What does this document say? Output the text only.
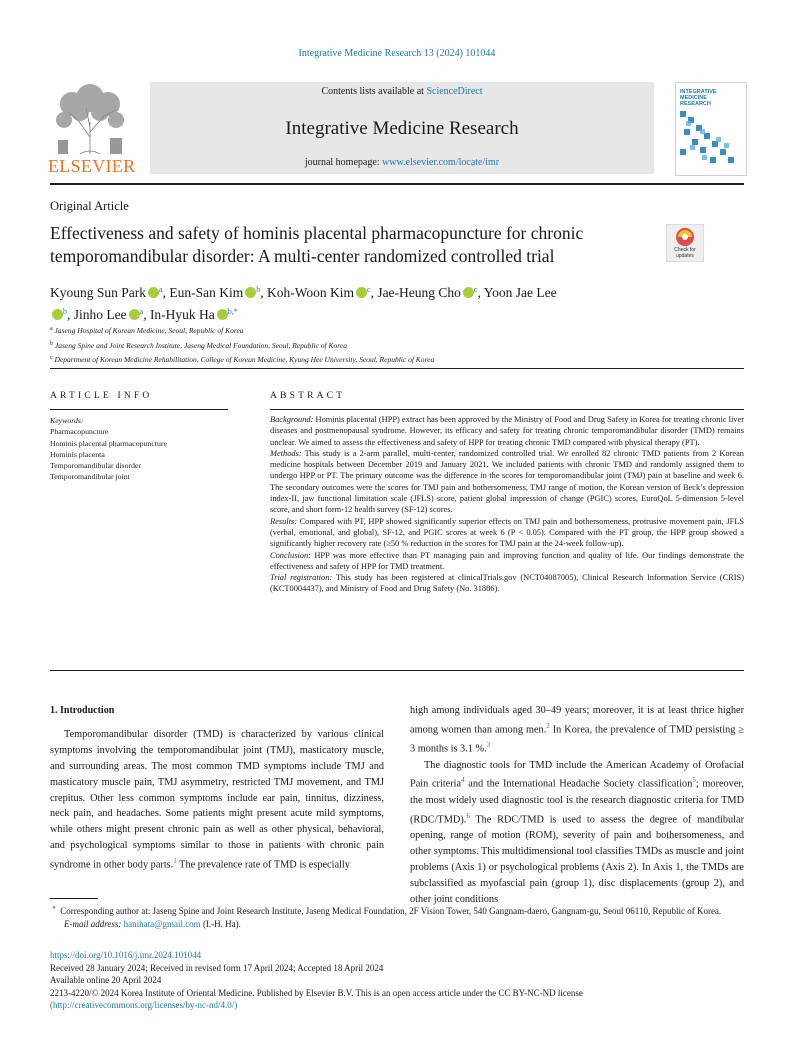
Integrative Medicine Research 13 (2024) 101044
ELSEVIER
Contents lists available at ScienceDirect
Integrative Medicine Research
journal homepage: www.elsevier.com/locate/imr
INTEGRATIVE MEDICINE RESEARCH
Original Article
Effectiveness and safety of hominis placental pharmacopuncture for chronic temporomandibular disorder: A multi-center randomized controlled trial	Check for
updates
Kyoung Sun Park $^a$, Eun-San Kim $^b$, Koh-Woon Kim $^c$, Jae-Heung Cho $^c$, Yoon Jae Lee
$^b$, Jinho Lee $^a$, In-Hyuk Ha $^{b,*}$
$^a$ Jaseng Hospital of Korean Medicine, Seoul, Republic of Korea
$^b$ Jaseng Spine and Joint Research Institute, Jaseng Medical Foundation, Seoul, Republic of Korea
$^c$ Department of Korean Medicine Rehabilitation, College of Korean Medicine, Kyung Hee University, Seoul, Republic of Korea
ARTICLE INFO
Keywords:
Pharmacopuncture
Hominis placental pharmacopuncture
Hominis placenta
Temporomandibular disorder
Temporomandibular joint
ABSTRACT

Background: Hominis placental (HPP) extract has been approved by the Ministry of Food and Drug Safety in Korea for treating chronic liver diseases and postmenopausal syndrome. However, its efficacy and safety for treating chronic temporomandibular disorder (TMD) remains unclear. We aimed to assess the effectiveness and safety of HPP for treating chronic TMD compared with physical therapy (PT).

Methods: This study is a 2-arm parallel, multi-center, randomized controlled trial. We enrolled 82 chronic TMD patients from 2 Korean medicine hospitals between December 2019 and January 2021. We included patients with chronic TMD and randomly assigned them to undergo HPP or PT. The primary outcome was the difference in the scores for temporomandibular joint (TMJ) pain at baseline and week 6. The secondary outcomes were the scores for TMJ pain and bothersomeness, TMJ range of motion, the Korean version of Beck’s depression index-II, jaw functional limitation scale (JFLS) score, patient global impression of change (PGIC) scores, EuroQoL 5-dimension 5-level score, and short form-12 health survey (SF-12) scores.

Results: Compared with PT, HPP showed significantly superior effects on TMJ pain and bothersomeness, protrusive movement pain, JFLS (verbal, emotional, and global), SF-12, and PGIC scores at week 6 (P < 0.05). Compared with the PT group, the HPP group showed a significantly higher recovery rate (≥50 % reduction in the scores for TMJ pain at the 24-week follow-up).

Conclusion: HPP was more effective than PT managing pain and improving function and quality of life. Our findings demonstrate the effectiveness and safety of HPP for TMD treatment.

Trial registration: This study has been registered at clinicalTrials.gov (NCT04087005), Clinical Research Information Service (CRIS) (KCT0004437), and Ministry of Food and Drug Safety (No. 31886).

1. Introduction

Temporomandibular disorder (TMD) is characterized by various clinical symptoms involving the temporomandibular joint (TMJ), masticatory muscle, and surrounding areas. The most common TMD symptoms include TMJ and masticatory muscle pain, TMJ asymmetry, restricted TMJ movement, and TMJ crepitus. Other less common symptoms include ear pain, tinnitus, dizziness, neck pain, and headaches. Some patients might present acute mild symptoms, while others might present chronic pain as well as other physical, behavioral, and psychological symptoms similar to those in patients with chronic pain syndrome in other body parts.$^1$ The prevalence rate of TMD is especially

high among individuals aged 30–49 years; moreover, it is at least thrice higher among women than among men.$^2$ In Korea, the prevalence of TMD persisting ≥ 3 months is 3.1 %.$^3$

The diagnostic tools for TMD include the American Academy of Orofacial Pain criteria$^4$ and the International Headache Society classification$^5$; moreover, the most widely used diagnostic tool is the research diagnostic criteria for TMD (RDC/TMD).$^6$ The RDC/TMD is used to assess the degree of mandibular opening, range of motion (ROM), severity of pain and bothersomeness, and other symptoms. This multidimensional tool classifies TMDs as muscle and joint problems (Axis 1) or psychological problems (Axis 2). In Axis 1, the TMDs are subclassified as myofascial pain (group 1), disc displacements (group 2), and other joint conditions

* Corresponding author at: Jaseng Spine and Joint Research Institute, Jaseng Medical Foundation, 2F Vision Tower, 540 Gangnam-daero, Gangnam-gu, Seoul 06110, Republic of Korea.

E-mail address: hanihata@gmail.com (I.-H. Ha).

https://doi.org/10.1016/j.imr.2024.101044

Received 28 January 2024; Received in revised form 17 April 2024; Accepted 18 April 2024

Available online 20 April 2024

2213-4220/© 2024 Korea Institute of Oriental Medicine. Published by Elsevier B.V. This is an open access article under the CC BY-NC-ND license

(http://creativecommons.org/licenses/by-nc-nd/4.0/)
